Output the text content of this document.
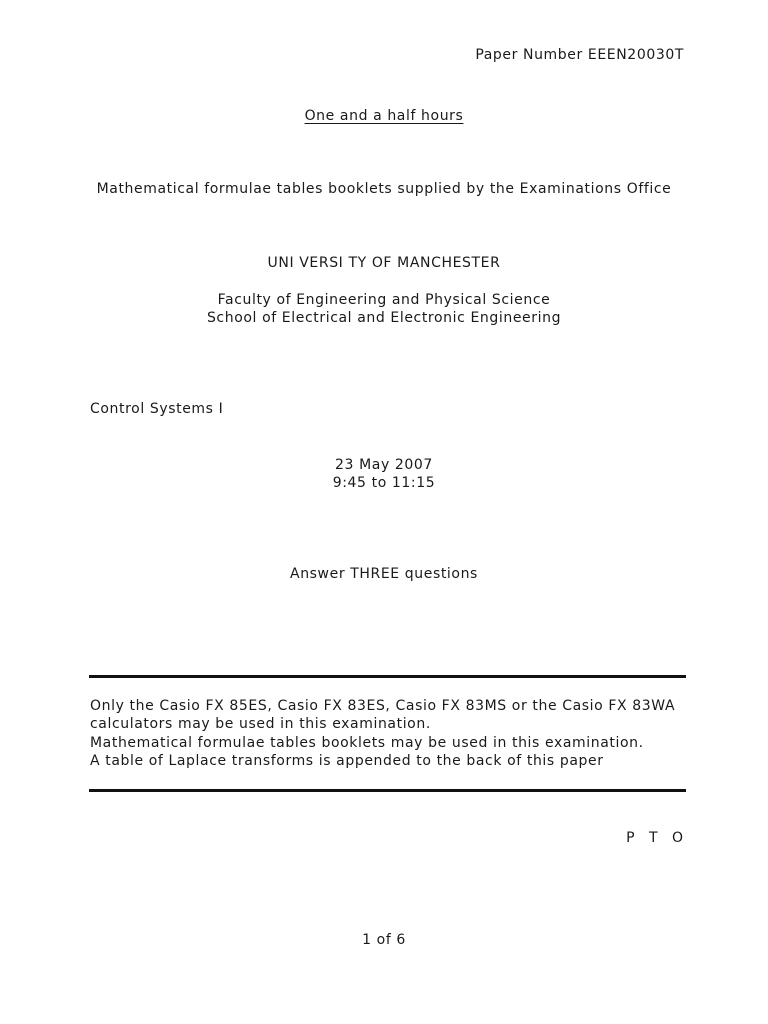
Paper Number EEEN20030T
One and a half hours
Mathematical formulae tables booklets supplied by the Examinations Office
UNI VERSI TY OF MANCHESTER
Faculty of Engineering and Physical Science
School of Electrical and Electronic Engineering
Control Systems I
23 May 2007
9:45 to 11:15
Answer THREE questions
Only the Casio FX 85ES, Casio FX 83ES, Casio FX 83MS or the Casio FX 83WA
calculators may be used in this examination.
Mathematical formulae tables booklets may be used in this examination.
A table of Laplace transforms is appended to the back of this paper
P T O
1 of 6
